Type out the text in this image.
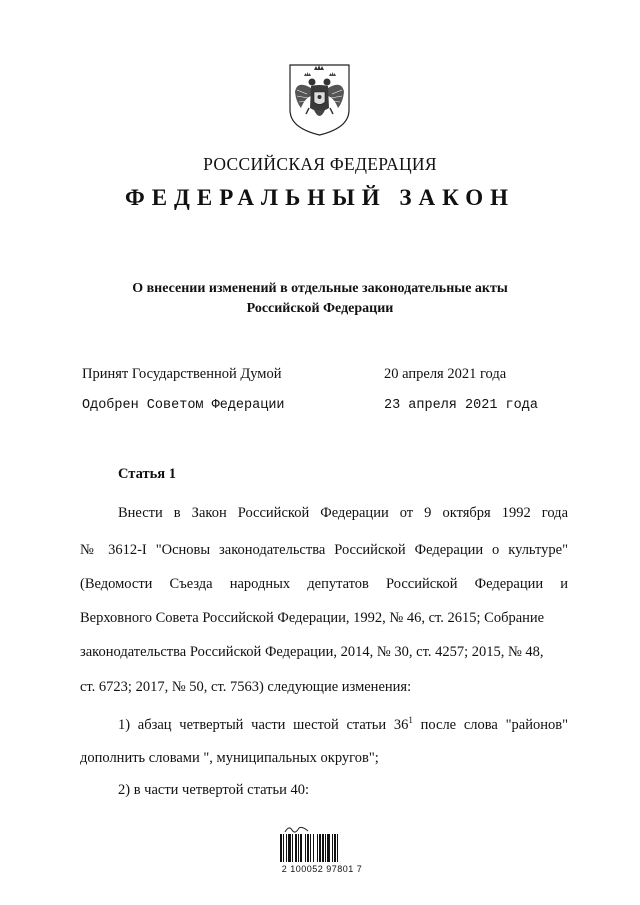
РОССИЙСКАЯ ФЕДЕРАЦИЯ
ФЕДЕРАЛЬНЫЙ ЗАКОН
О внесении изменений в отдельные законодательные акты
Российской Федерации
Принят Государственной Думой	20 апреля 2021 года
Одобрен Советом Федерации	23 апреля 2021 года
Статья 1
Внести в Закон Российской Федерации от 9 октября 1992 года
№ 3612-I "Основы законодательства Российской Федерации о культуре"
(Ведомости Съезда народных депутатов Российской Федерации и
Верховного Совета Российской Федерации, 1992, № 46, ст. 2615; Собрание
законодательства Российской Федерации, 2014, № 30, ст. 4257; 2015, № 48,
ст. 6723; 2017, № 50, ст. 7563) следующие изменения:
1) абзац четвертый части шестой статьи $36^1$ после слова "районов"
дополнить словами ", муниципальных округов";
2) в части четвертой статьи 40:
2 100052 97801 7
